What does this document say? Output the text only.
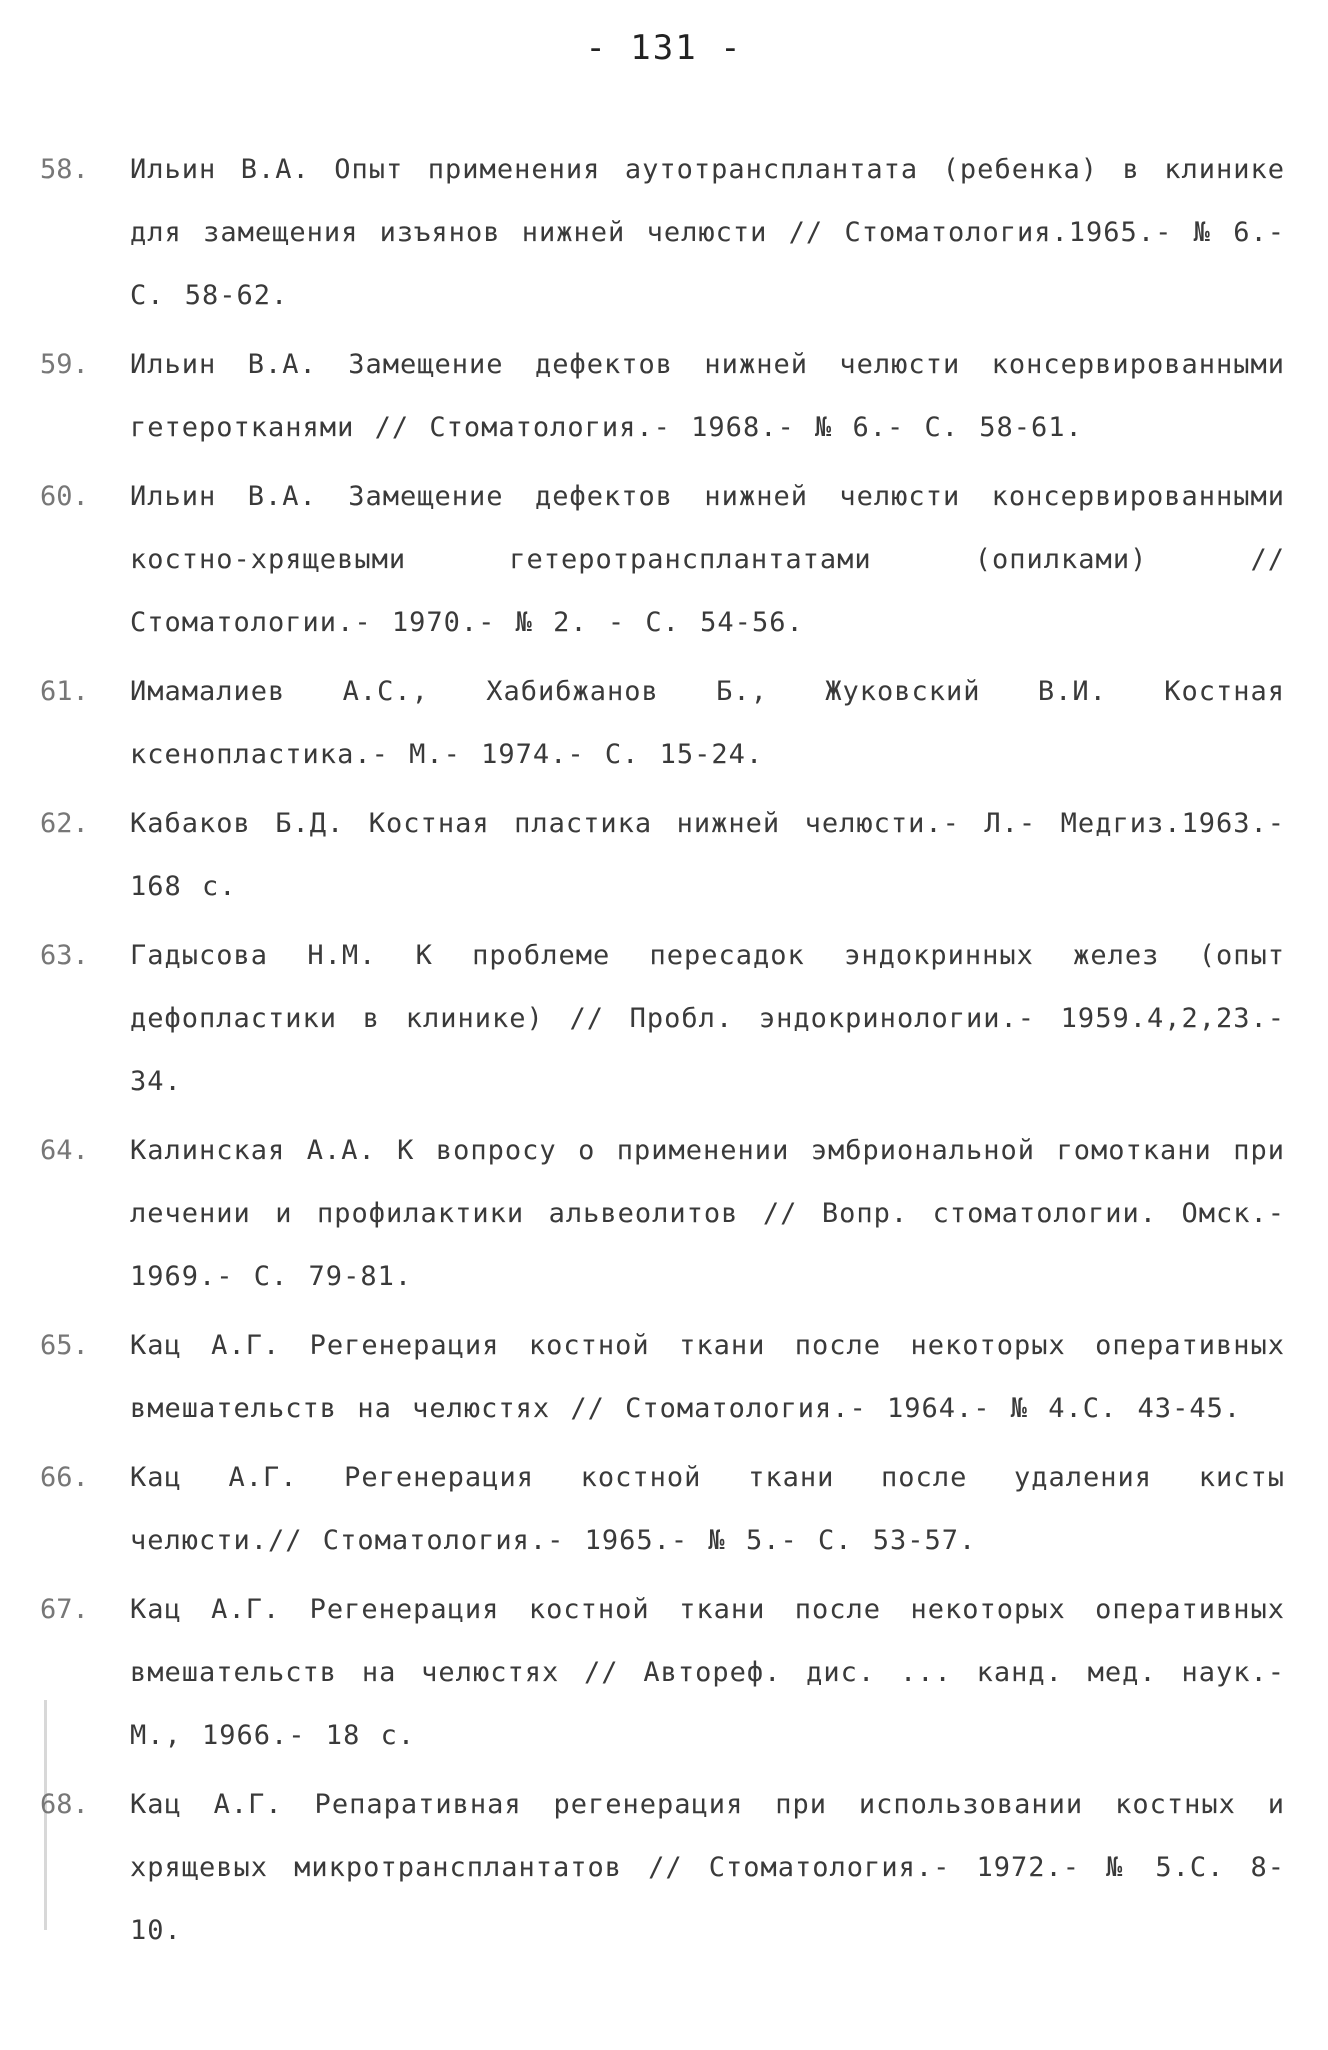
- 131 -
58.	Ильин В.А. Опыт применения аутотрансплантата (ребенка) в клинике для замещения изъянов нижней челюсти // Стоматология.1965.- № 6.- С. 58-62.
59.	Ильин В.А. Замещение дефектов нижней челюсти консервированными гетеротканями // Стоматология.- 1968.- № 6.- С. 58-61.
60.	Ильин В.А. Замещение дефектов нижней челюсти консервированными костно-хрящевыми гетеротрансплантатами (опилками) // Стоматологии.- 1970.- № 2. - С. 54-56.
61.	Имамалиев А.С., Хабибжанов Б., Жуковский В.И. Костная ксенопластика.- М.- 1974.- С. 15-24.
62.	Кабаков Б.Д. Костная пластика нижней челюсти.- Л.- Медгиз.1963.- 168 с.
63.	Гадысова Н.М. К проблеме пересадок эндокринных желез (опыт дефопластики в клинике) // Пробл. эндокринологии.- 1959.4,2,23.- 34.
64.	Калинская А.А. К вопросу о применении эмбриональной гомоткани при лечении и профилактики альвеолитов // Вопр. стоматологии. Омск.- 1969.- С. 79-81.
65.	Кац А.Г. Регенерация костной ткани после некоторых оперативных вмешательств на челюстях // Стоматология.- 1964.- № 4.С. 43-45.
66.	Кац А.Г. Регенерация костной ткани после удаления кисты челюсти.// Стоматология.- 1965.- № 5.- С. 53-57.
67.	Кац А.Г. Регенерация костной ткани после некоторых оперативных вмешательств на челюстях // Автореф. дис. ... канд. мед. наук.- М., 1966.- 18 с.
68.	Кац А.Г. Репаративная регенерация при использовании костных и хрящевых микротрансплантатов // Стоматология.- 1972.- № 5.С. 8-10.
